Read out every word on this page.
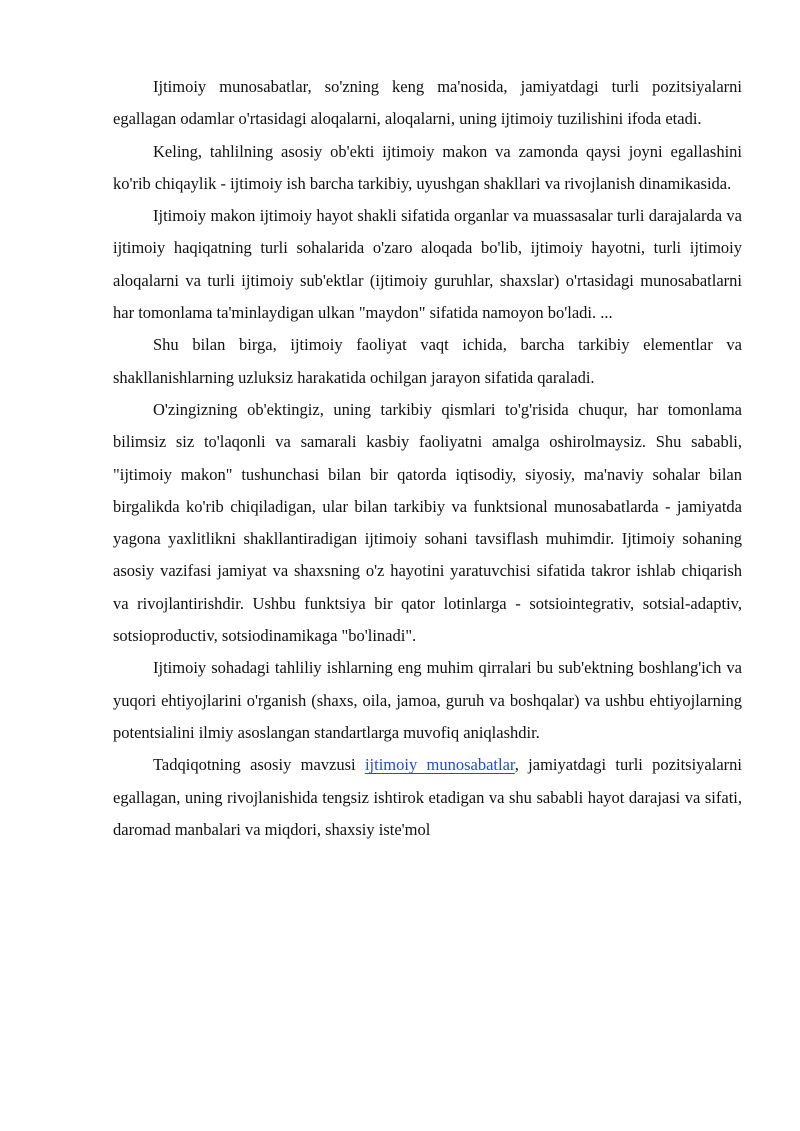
Ijtimoiy munosabatlar, so'zning keng ma'nosida, jamiyatdagi turli pozitsiyalarni egallagan odamlar o'rtasidagi aloqalarni, aloqalarni, uning ijtimoiy tuzilishini ifoda etadi.

Keling, tahlilning asosiy ob'ekti ijtimoiy makon va zamonda qaysi joyni egallashini ko'rib chiqaylik - ijtimoiy ish barcha tarkibiy, uyushgan shakllari va rivojlanish dinamikasida.

Ijtimoiy makon ijtimoiy hayot shakli sifatida organlar va muassasalar turli darajalarda va ijtimoiy haqiqatning turli sohalarida o'zaro aloqada bo'lib, ijtimoiy hayotni, turli ijtimoiy aloqalarni va turli ijtimoiy sub'ektlar (ijtimoiy guruhlar, shaxslar) o'rtasidagi munosabatlarni har tomonlama ta'minlaydigan ulkan "maydon" sifatida namoyon bo'ladi. ...

Shu bilan birga, ijtimoiy faoliyat vaqt ichida, barcha tarkibiy elementlar va shakllanishlarning uzluksiz harakatida ochilgan jarayon sifatida qaraladi.

O'zingizning ob'ektingiz, uning tarkibiy qismlari to'g'risida chuqur, har tomonlama bilimsiz siz to'laqonli va samarali kasbiy faoliyatni amalga oshirolmaysiz. Shu sababli, "ijtimoiy makon" tushunchasi bilan bir qatorda iqtisodiy, siyosiy, ma'naviy sohalar bilan birgalikda ko'rib chiqiladigan, ular bilan tarkibiy va funktsional munosabatlarda - jamiyatda yagona yaxlitlikni shakllantiradigan ijtimoiy sohani tavsiflash muhimdir. Ijtimoiy sohaning asosiy vazifasi jamiyat va shaxsning o'z hayotini yaratuvchisi sifatida takror ishlab chiqarish va rivojlantirishdir. Ushbu funktsiya bir qator lotinlarga - sotsiointegrativ, sotsial-adaptiv, sotsioproductiv, sotsiodinamikaga "bo'linadi".

Ijtimoiy sohadagi tahliliy ishlarning eng muhim qirralari bu sub'ektning boshlang'ich va yuqori ehtiyojlarini o'rganish (shaxs, oila, jamoa, guruh va boshqalar) va ushbu ehtiyojlarning potentsialini ilmiy asoslangan standartlarga muvofiq aniqlashdir.

Tadqiqotning asosiy mavzusi ijtimoiy munosabatlar, jamiyatdagi turli pozitsiyalarni egallagan, uning rivojlanishida tengsiz ishtirok etadigan va shu sababli hayot darajasi va sifati, daromad manbalari va miqdori, shaxsiy iste'mol
